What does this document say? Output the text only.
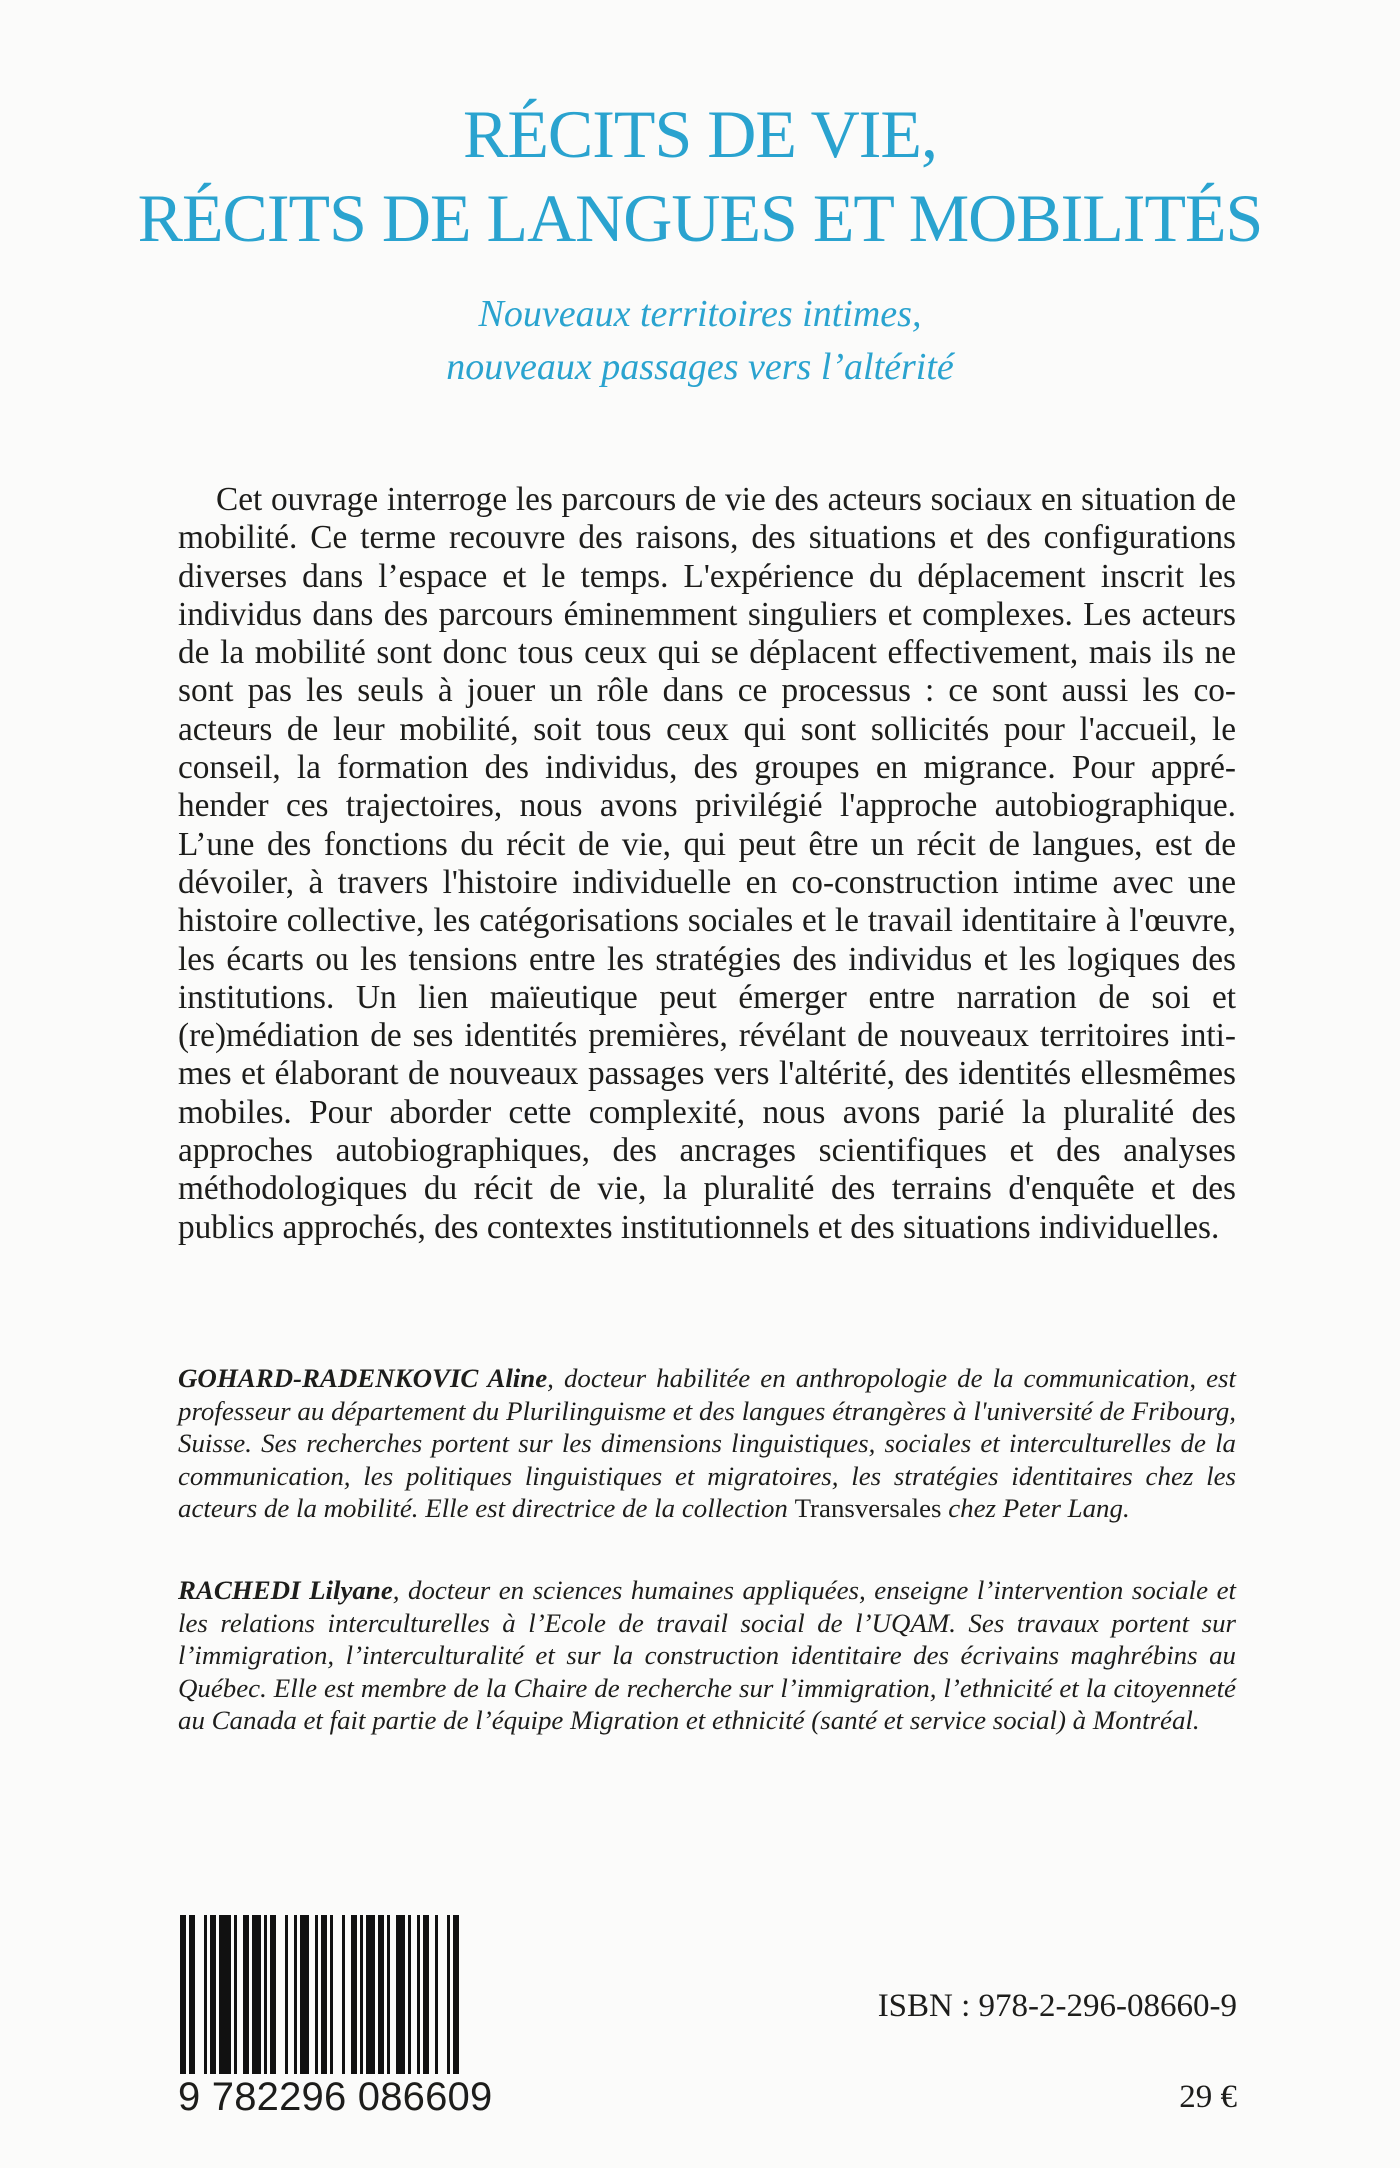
RÉCITS DE VIE,
RÉCITS DE LANGUES ET MOBILITÉS
Nouveaux territoires intimes,
nouveaux passages vers l’altérité

Cet ouvrage interroge les parcours de vie des acteurs sociaux en situation de mobilité. Ce terme recouvre des raisons, des situations et des configurations diverses dans l’espace et le temps. L'expérience du déplacement inscrit les individus dans des parcours éminemment singuliers et complexes. Les acteurs de la mobilité sont donc tous ceux qui se déplacent effectivement, mais ils ne sont pas les seuls à jouer un rôle dans ce processus : ce sont aussi les co-acteurs de leur mobilité, soit tous ceux qui sont sollicités pour l'accueil, le conseil, la formation des individus, des groupes en migrance. Pour appréhender ces trajectoires, nous avons privilégié l'approche autobiographique. L’une des fonctions du récit de vie, qui peut être un récit de langues, est de dévoiler, à travers l'histoire individuelle en co-construction intime avec une histoire collective, les catégorisations sociales et le travail identitaire à l'œuvre, les écarts ou les tensions entre les stratégies des individus et les logiques des institutions. Un lien maïeutique peut émerger entre narration de soi et (re)médiation de ses identités premières, révélant de nouveaux territoires intimes et élaborant de nouveaux passages vers l'altérité, des identités ellesmêmes mobiles. Pour aborder cette complexité, nous avons parié la pluralité des approches autobiographiques, des ancrages scientifiques et des analyses méthodologiques du récit de vie, la pluralité des terrains d'enquête et des publics approchés, des contextes institutionnels et des situations individuelles.

GOHARD-RADENKOVIC Aline, docteur habilitée en anthropologie de la communication, est professeur au département du Plurilinguisme et des langues étrangères à l'université de Fribourg, Suisse. Ses recherches portent sur les dimensions linguistiques, sociales et interculturelles de la communication, les politiques linguistiques et migratoires, les stratégies identitaires chez les acteurs de la mobilité. Elle est directrice de la collection Transversales chez Peter Lang.

RACHEDI Lilyane, docteur en sciences humaines appliquées, enseigne l’intervention sociale et les relations interculturelles à l’Ecole de travail social de l’UQAM. Ses travaux portent sur l’immigration, l’interculturalité et sur la construction identitaire des écrivains maghrébins au Québec. Elle est membre de la Chaire de recherche sur l’immigration, l’ethnicité et la citoyenneté au Canada et fait partie de l’équipe Migration et ethnicité (santé et service social) à Montréal.

9 782296 086609
ISBN : 978-2-296-08660-9
29 €
